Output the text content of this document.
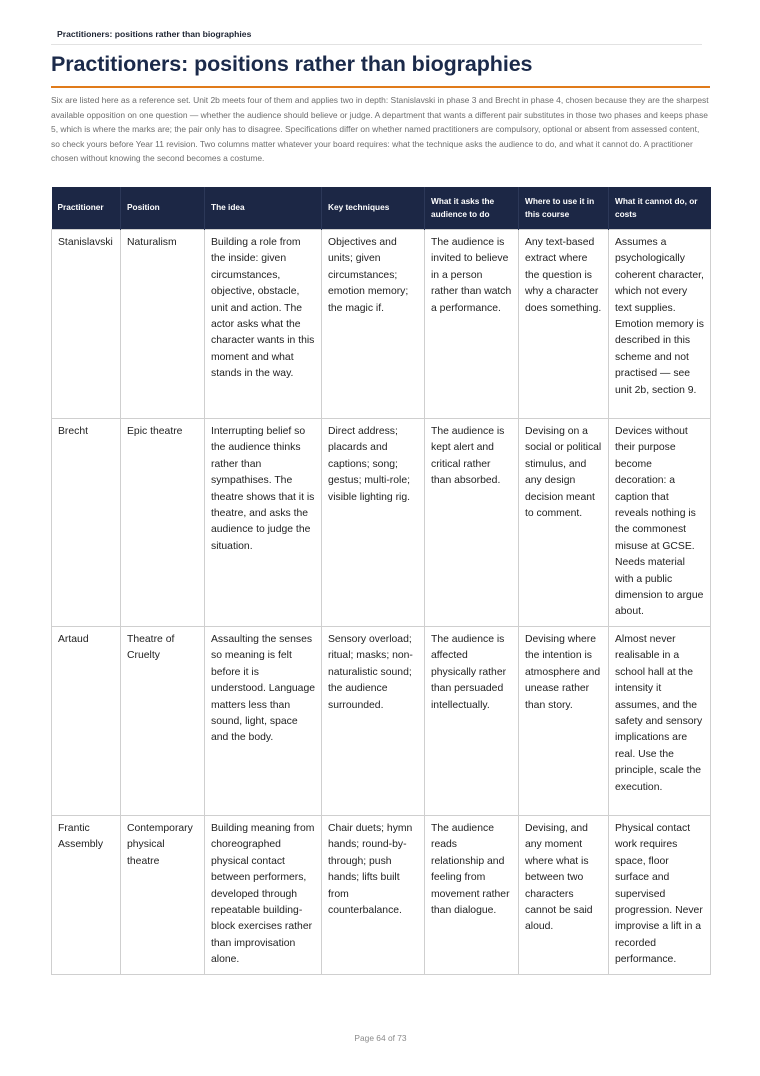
Practitioners: positions rather than biographies
Practitioners: positions rather than biographies

Six are listed here as a reference set. Unit 2b meets four of them and applies two in depth: Stanislavski in phase 3 and Brecht in phase 4, chosen because they are the sharpest available opposition on one question — whether the audience should believe or judge. A department that wants a different pair substitutes in those two phases and keeps phase 5, which is where the marks are; the pair only has to disagree. Specifications differ on whether named practitioners are compulsory, optional or absent from assessed content, so check yours before Year 11 revision. Two columns matter whatever your board requires: what the technique asks the audience to do, and what it cannot do. A practitioner chosen without knowing the second becomes a costume.

Practitioner	Position	The idea	Key techniques	What it asks the audience to do	Where to use it in this course	What it cannot do, or costs
Stanislavski	Naturalism	Building a role from the inside: given circumstances, objective, obstacle, unit and action. The actor asks what the character wants in this moment and what stands in the way.	Objectives and units; given circumstances; emotion memory; the magic if.	The audience is invited to believe in a person rather than watch a performance.	Any text-based extract where the question is why a character does something.	Assumes a psychologically coherent character, which not every text supplies. Emotion memory is described in this scheme and not practised — see unit 2b, section 9.
Brecht	Epic theatre	Interrupting belief so the audience thinks rather than sympathises. The theatre shows that it is theatre, and asks the audience to judge the situation.	Direct address; placards and captions; song; gestus; multi-role; visible lighting rig.	The audience is kept alert and critical rather than absorbed.	Devising on a social or political stimulus, and any design decision meant to comment.	Devices without their purpose become decoration: a caption that reveals nothing is the commonest misuse at GCSE. Needs material with a public dimension to argue about.
Artaud	Theatre of Cruelty	Assaulting the senses so meaning is felt before it is understood. Language matters less than sound, light, space and the body.	Sensory overload; ritual; masks; non-naturalistic sound; the audience surrounded.	The audience is affected physically rather than persuaded intellectually.	Devising where the intention is atmosphere and unease rather than story.	Almost never realisable in a school hall at the intensity it assumes, and the safety and sensory implications are real. Use the principle, scale the execution.
Frantic Assembly	Contemporary physical theatre	Building meaning from choreographed physical contact between performers, developed through repeatable building-block exercises rather than improvisation alone.	Chair duets; hymn hands; round-by-through; push hands; lifts built from counterbalance.	The audience reads relationship and feeling from movement rather than dialogue.	Devising, and any moment where what is between two characters cannot be said aloud.	Physical contact work requires space, floor surface and supervised progression. Never improvise a lift in a recorded performance.
Page 64 of 73
